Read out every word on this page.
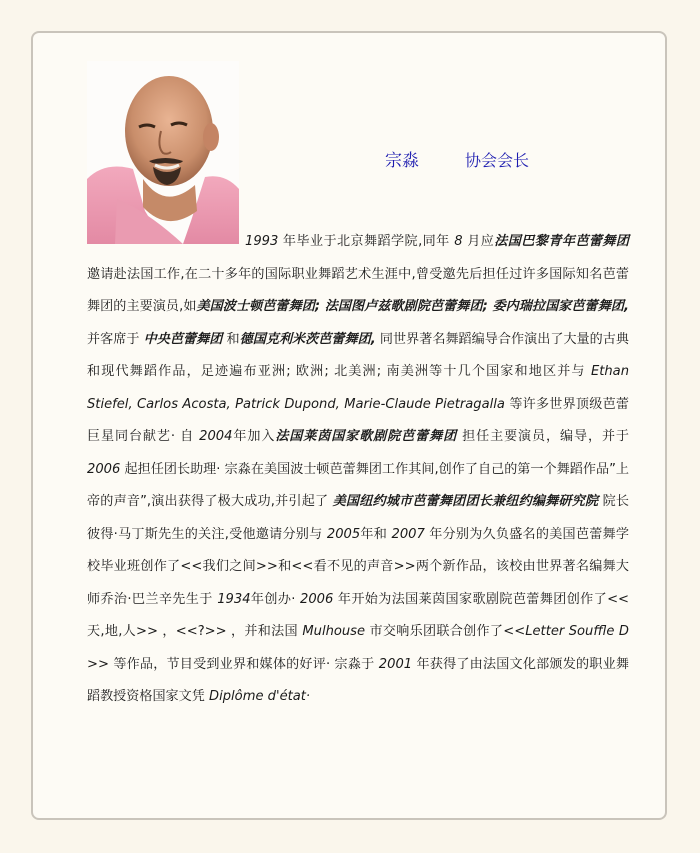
宗淼	协会会长
1993 年毕业于北京舞蹈学院,同年 8 月应法国巴黎青年芭蕾舞团 邀请赴法国工作,在二十多年的国际职业舞蹈艺术生涯中,曾受邀先后担任过许多国际知名芭蕾舞团的主要演员,如美国波士顿芭蕾舞团; 法国图卢兹歌剧院芭蕾舞团; 委内瑞拉国家芭蕾舞团, 并客席于 中央芭蕾舞团 和德国克利米茨芭蕾舞团, 同世界著名舞蹈编导合作演出了大量的古典和现代舞蹈作品，足迹遍布亚洲; 欧洲; 北美洲; 南美洲等十几个国家和地区并与 Ethan Stiefel, Carlos Acosta, Patrick Dupond, Marie-Claude Pietragalla 等许多世界顶级芭蕾巨星同台献艺· 自 2004年加入法国莱茵国家歌剧院芭蕾舞团 担任主要演员，编导，并于 2006 起担任团长助理· 宗淼在美国波士顿芭蕾舞团工作其间,创作了自己的第一个舞蹈作品”上帝的声音”,演出获得了极大成功,并引起了 美国纽约城市芭蕾舞团团长兼纽约编舞研究院 院长彼得·马丁斯先生的关注,受他邀请分别与 2005年和 2007 年分别为久负盛名的美国芭蕾舞学校毕业班创作了<<我们之间>>和<<看不见的声音>>两个新作品，该校由世界著名编舞大师乔治·巴兰辛先生于 1934年创办· 2006 年开始为法国莱茵国家歌剧院芭蕾舞团创作了<<天,地,人>> ，<<?>> ，并和法国 Mulhouse 市交响乐团联合创作了<<Letter Souffle D >> 等作品，节目受到业界和媒体的好评· 宗淼于 2001 年获得了由法国文化部颁发的职业舞蹈教授资格国家文凭 Diplôme d'état·
